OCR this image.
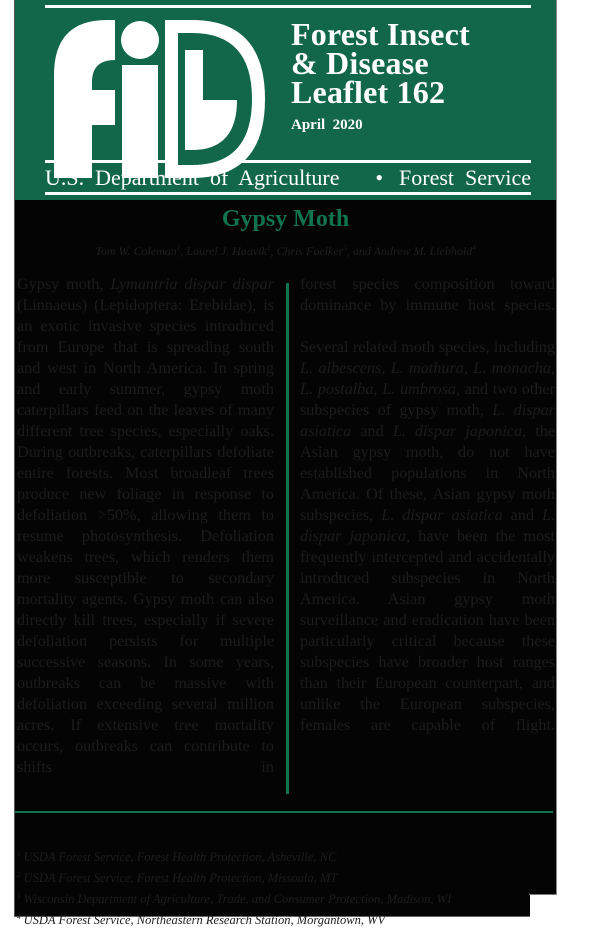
Forest Insect
& Disease
Leaflet 162
April  2020
U.S.  Department  of  Agriculture	• Forest  Service
Gypsy Moth
Tom W. Coleman$^1$, Laurel J. Haavik$^2$, Chris Foelker$^3$, and Andrew M. Liebhold$^4$

Gypsy moth, Lymantria dispar dispar (Linnaeus) (Lepidoptera: Erebidae), is an exotic invasive species introduced from Europe that is spreading south and west in North America. In spring and early summer, gypsy moth caterpillars feed on the leaves of many different tree species, especially oaks. During outbreaks, caterpillars defoliate entire forests. Most broadleaf trees produce new foliage in response to defoliation >50%, allowing them to resume photosynthesis. Defoliation weakens trees, which renders them more susceptible to secondary mortality agents. Gypsy moth can also directly kill trees, especially if severe defoliation persists for multiple successive seasons. In some years, outbreaks can be massive with defoliation exceeding several million acres. If extensive tree mortality occurs, outbreaks can contribute to shifts in

forest species composition toward dominance by immune host species.

Several related moth species, including L. albescens, L. mathura, L. monacha, L. postalba, L. umbrosa, and two other subspecies of gypsy moth, L. dispar asiatica and L. dispar japonica, the Asian gypsy moth, do not have established populations in North America. Of these, Asian gypsy moth subspecies, L. dispar asiatica and L. dispar japonica, have been the most frequently intercepted and accidentally introduced subspecies in North America. Asian gypsy moth surveillance and eradication have been particularly critical because these subspecies have broader host ranges than their European counterpart, and unlike the European subspecies, females are capable of flight.

$^1$ USDA Forest Service, Forest Health Protection, Asheville, NC
$^2$ USDA Forest Service, Forest Health Protection, Missoula, MT
$^3$ Wisconsin Department of Agriculture, Trade, and Consumer Protection, Madison, WI
$^4$ USDA Forest Service, Northeastern Research Station, Morgantown, WV
